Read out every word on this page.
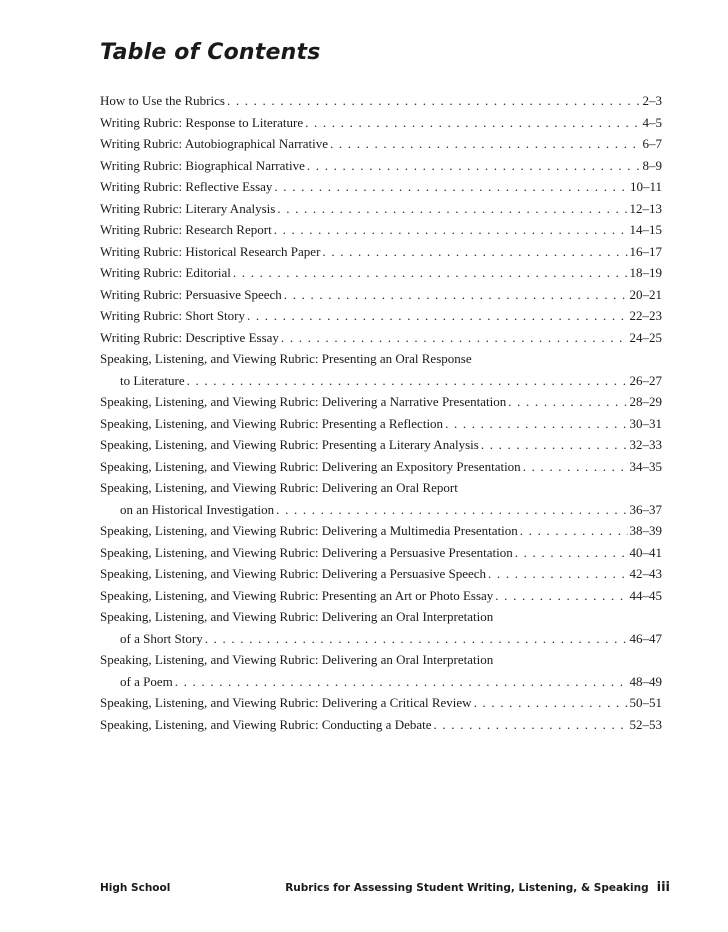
Table of Contents
How to Use the Rubrics . . .	2–3
Writing Rubric: Response to Literature . . .	4–5
Writing Rubric: Autobiographical Narrative . . .	6–7
Writing Rubric: Biographical Narrative . . .	8–9
Writing Rubric: Reflective Essay . . .	10–11
Writing Rubric: Literary Analysis . . .	12–13
Writing Rubric: Research Report . . .	14–15
Writing Rubric: Historical Research Paper . . .	16–17
Writing Rubric: Editorial . . .	18–19
Writing Rubric: Persuasive Speech . . .	20–21
Writing Rubric: Short Story . . .	22–23
Writing Rubric: Descriptive Essay . . .	24–25
Speaking, Listening, and Viewing Rubric: Presenting an Oral Response
to Literature . . .	26–27
Speaking, Listening, and Viewing Rubric: Delivering a Narrative Presentation . . .	28–29
Speaking, Listening, and Viewing Rubric: Presenting a Reflection . . .	30–31
Speaking, Listening, and Viewing Rubric: Presenting a Literary Analysis . . .	32–33
Speaking, Listening, and Viewing Rubric: Delivering an Expository Presentation . . .	34–35
Speaking, Listening, and Viewing Rubric: Delivering an Oral Report
on an Historical Investigation . . .	36–37
Speaking, Listening, and Viewing Rubric: Delivering a Multimedia Presentation . . .	38–39
Speaking, Listening, and Viewing Rubric: Delivering a Persuasive Presentation . . .	40–41
Speaking, Listening, and Viewing Rubric: Delivering a Persuasive Speech . . .	42–43
Speaking, Listening, and Viewing Rubric: Presenting an Art or Photo Essay . . .	44–45
Speaking, Listening, and Viewing Rubric: Delivering an Oral Interpretation
of a Short Story . . .	46–47
Speaking, Listening, and Viewing Rubric: Delivering an Oral Interpretation
of a Poem . . .	48–49
Speaking, Listening, and Viewing Rubric: Delivering a Critical Review . . .	50–51
Speaking, Listening, and Viewing Rubric: Conducting a Debate . . .	52–53
High School	Rubrics for Assessing Student Writing, Listening, & Speaking iii
